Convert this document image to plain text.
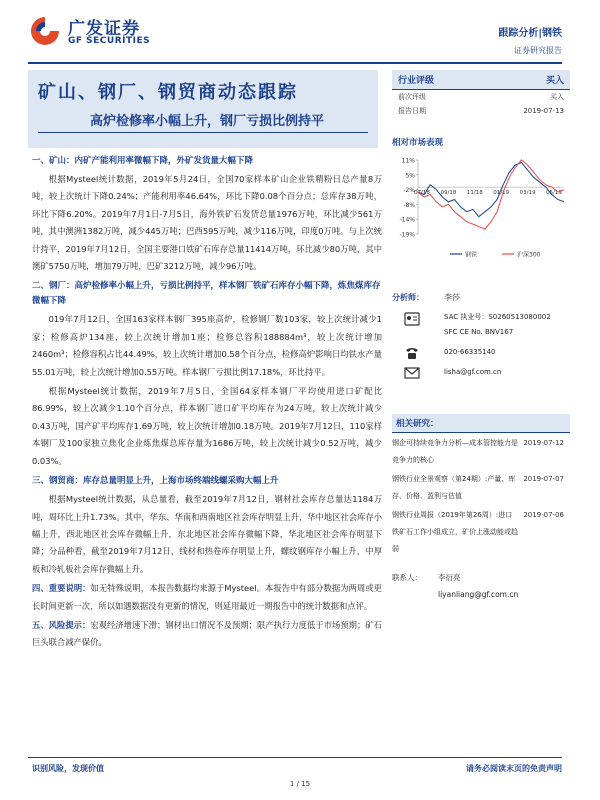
广发证券
GF SECURITIES
跟踪分析|钢铁
证券研究报告
矿山、钢厂、钢贸商动态跟踪
高炉检修率小幅上升，钢厂亏损比例持平
一、矿山：内矿产能利用率微幅下降，外矿发货量大幅下降

根据Mysteel统计数据，2019年5月24日，全国70家样本矿山企业铁精粉日总产量8万吨，较上次统计下降0.24%；产能利用率46.64%，环比下降0.08个百分点；总库存38万吨，环比下降6.20%。2019年7月1日-7月5日，海外铁矿石发货总量1976万吨，环比减少561万吨，其中澳洲1382万吨，减少445万吨；巴西595万吨，减少116万吨，印度0万吨。与上次统计持平，2019年7月12日，全国主要港口铁矿石库存总量11414万吨，环比减少80万吨，其中澳矿5750万吨，增加79万吨，巴矿3212万吨，减少96万吨。

二、钢厂：高炉检修率小幅上升，亏损比例持平，样本钢厂铁矿石库存小幅下降，炼焦煤库存微幅下降

019年7月12日，全国163家样本钢厂395座高炉，检修钢厂数103家，较上次统计减少1家；检修高炉134座，较上次统计增加1座；检修总容积188884m³，较上次统计增加2460m³；检修容积占比44.49%，较上次统计增加0.58个百分点，检修高炉影响日均铁水产量55.01万吨，较上次统计增加0.55万吨。样本钢厂亏损比例17.18%，环比持平。

根据Mysteel统计数据，2019年7月5日，全国64家样本钢厂平均使用进口矿配比86.99%，较上次减少1.10个百分点，样本钢厂进口矿平均库存为24万吨，较上次统计减少0.43万吨，国产矿平均库存1.69万吨，较上次统计增加0.18万吨。2019年7月12日，110家样本钢厂及100家独立焦化企业炼焦煤总库存量为1686万吨，较上次统计减少0.52万吨，减少0.03%。

三、钢贸商：库存总量明显上升，上海市场终端线螺采购大幅上升

根据Mysteel统计数据，从总量看，截至2019年7月12日，钢材社会库存总量达1184万吨，周环比上升1.73%。其中，华东、华南和西南地区社会库存明显上升，华中地区社会库存小幅上升，西北地区社会库存微幅上升，东北地区社会库存微幅下降，华北地区社会库存明显下降；分品种看，截至2019年7月12日，线材和热卷库存明显上升，螺纹钢库存小幅上升，中厚板和冷轧板社会库存微幅上升。

四、重要说明：如无特殊说明，本报告数据均来源于Mysteel。本报告中有部分数据为两周或更长时间更新一次，所以如遇数据没有更新的情况，则延用最近一期报告中的统计数据和点评。

五、风险提示：宏观经济增速下滑；钢材出口情况不及预期；限产执行力度低于市场预期；矿石巨头联合减产保价。

行业评级	买入
前次评级	买入
报告日期	2019-07-13
相对市场表现
11%
5%
-2%
-8%
-14%
-19%
07/18 09/18 11/18 01/19 03/19 05/19
钢铁	沪深300
分析师：	李莎
SAC 执业号：S0260513080002
SFC CE No. BNV167
020-66335140
lisha@gf.com.cn
相关研究：
钢企可持续竞争力分析—成本管控能力是竞争力的核心
2019-07-12
钢铁行业全景观察（第24期）:产量、库存、价格、盈利与估值
2019-07-07
钢铁行业周报（2019年第26周）:进口铁矿石工作小组成立，矿价上涨动能或趋弱
2019-07-06
联系人： 李衍亮
liyanliang@gf.com.cn
识别风险，发现价值	请务必阅读末页的免责声明
1 / 15
